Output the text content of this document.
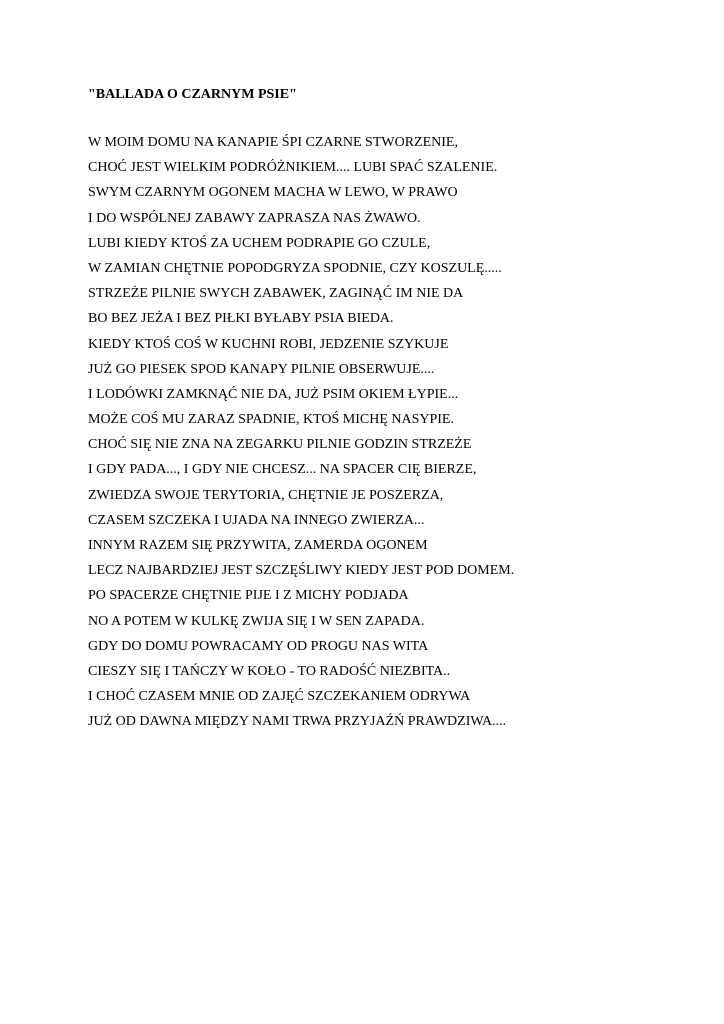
"BALLADA O CZARNYM PSIE"
W MOIM DOMU NA KANAPIE ŚPI CZARNE STWORZENIE,
CHOĆ JEST WIELKIM PODRÓŻNIKIEM.... LUBI SPAĆ SZALENIE.
SWYM CZARNYM OGONEM MACHA W LEWO, W PRAWO
I DO WSPÓLNEJ ZABAWY ZAPRASZA NAS ŻWAWO.
LUBI KIEDY KTOŚ ZA UCHEM PODRAPIE GO CZULE,
W ZAMIAN CHĘTNIE POPODGRYZA SPODNIE, CZY KOSZULĘ.....
STRZEŻE PILNIE SWYCH ZABAWEK, ZAGINĄĆ IM NIE DA
BO BEZ JEŻA I BEZ PIŁKI BYŁABY PSIA BIEDA.
KIEDY KTOŚ COŚ W KUCHNI ROBI, JEDZENIE SZYKUJE
JUŻ GO PIESEK SPOD KANAPY PILNIE OBSERWUJE....
I LODÓWKI ZAMKNĄĆ NIE DA, JUŻ PSIM OKIEM ŁYPIE...
MOŻE COŚ MU ZARAZ SPADNIE, KTOŚ MICHĘ NASYPIE.
CHOĆ SIĘ NIE ZNA NA ZEGARKU PILNIE GODZIN STRZEŻE
I GDY PADA..., I GDY NIE CHCESZ... NA SPACER CIĘ BIERZE,
ZWIEDZA SWOJE TERYTORIA, CHĘTNIE JE POSZERZA,
CZASEM SZCZEKA I UJADA NA INNEGO ZWIERZA...
INNYM RAZEM SIĘ PRZYWITA, ZAMERDA OGONEM
LECZ NAJBARDZIEJ JEST SZCZĘŚLIWY KIEDY JEST POD DOMEM.
PO SPACERZE CHĘTNIE PIJE I Z MICHY PODJADA
NO A POTEM W KULKĘ ZWIJA SIĘ I W SEN ZAPADA.
GDY DO DOMU POWRACAMY OD PROGU NAS WITA
CIESZY SIĘ I TAŃCZY W KOŁO - TO RADOŚĆ NIEZBITA..
I CHOĆ CZASEM MNIE OD ZAJĘĆ SZCZEKANIEM ODRYWA
JUŻ OD DAWNA MIĘDZY NAMI TRWA PRZYJAŹŃ PRAWDZIWA....
